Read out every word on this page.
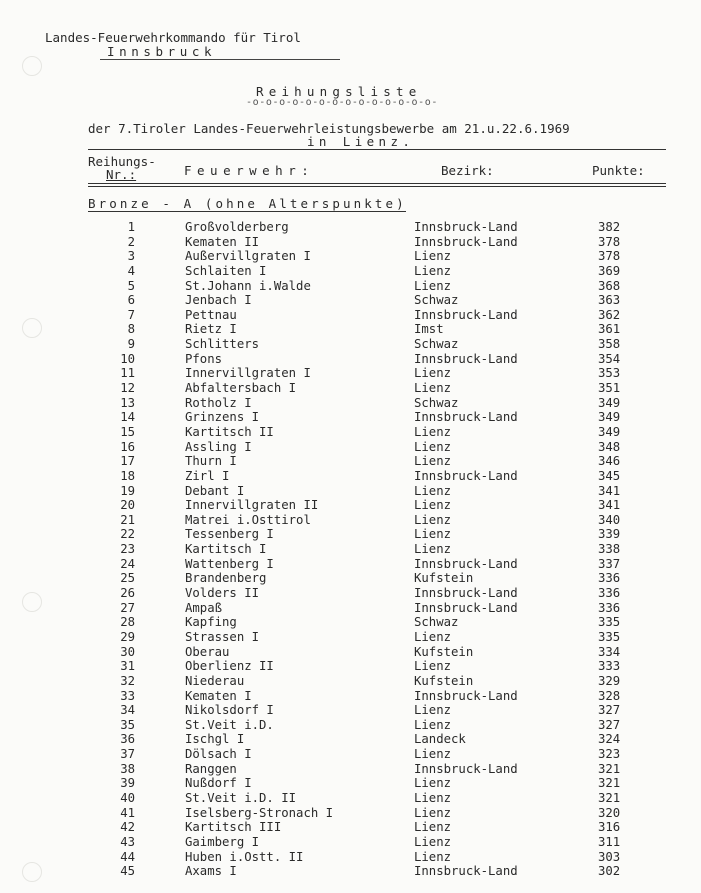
Landes-Feuerwehrkommando für Tirol
Innsbruck
Reihungsliste
-o-o-o-o-o-o-o-o-o-o-o-o-o-o-
der 7.Tiroler Landes-Feuerwehrleistungsbewerbe am 21.u.22.6.1969
in Lienz.
Reihungs-
Nr.:	Feuerwehr:	Bezirk:	Punkte:
Bronze - A (ohne Alterspunkte)
1	Großvolderberg	Innsbruck-Land	382
2	Kematen II	Innsbruck-Land	378
3	Außervillgraten I	Lienz	378
4	Schlaiten I	Lienz	369
5	St.Johann i.Walde	Lienz	368
6	Jenbach I	Schwaz	363
7	Pettnau	Innsbruck-Land	362
8	Rietz I	Imst	361
9	Schlitters	Schwaz	358
10	Pfons	Innsbruck-Land	354
11	Innervillgraten I	Lienz	353
12	Abfaltersbach I	Lienz	351
13	Rotholz I	Schwaz	349
14	Grinzens I	Innsbruck-Land	349
15	Kartitsch II	Lienz	349
16	Assling I	Lienz	348
17	Thurn I	Lienz	346
18	Zirl I	Innsbruck-Land	345
19	Debant I	Lienz	341
20	Innervillgraten II	Lienz	341
21	Matrei i.Osttirol	Lienz	340
22	Tessenberg I	Lienz	339
23	Kartitsch I	Lienz	338
24	Wattenberg I	Innsbruck-Land	337
25	Brandenberg	Kufstein	336
26	Volders II	Innsbruck-Land	336
27	Ampaß	Innsbruck-Land	336
28	Kapfing	Schwaz	335
29	Strassen I	Lienz	335
30	Oberau	Kufstein	334
31	Oberlienz II	Lienz	333
32	Niederau	Kufstein	329
33	Kematen I	Innsbruck-Land	328
34	Nikolsdorf I	Lienz	327
35	St.Veit i.D.	Lienz	327
36	Ischgl I	Landeck	324
37	Dölsach I	Lienz	323
38	Ranggen	Innsbruck-Land	321
39	Nußdorf I	Lienz	321
40	St.Veit i.D. II	Lienz	321
41	Iselsberg-Stronach I	Lienz	320
42	Kartitsch III	Lienz	316
43	Gaimberg I	Lienz	311
44	Huben i.Ostt. II	Lienz	303
45	Axams I	Innsbruck-Land	302
